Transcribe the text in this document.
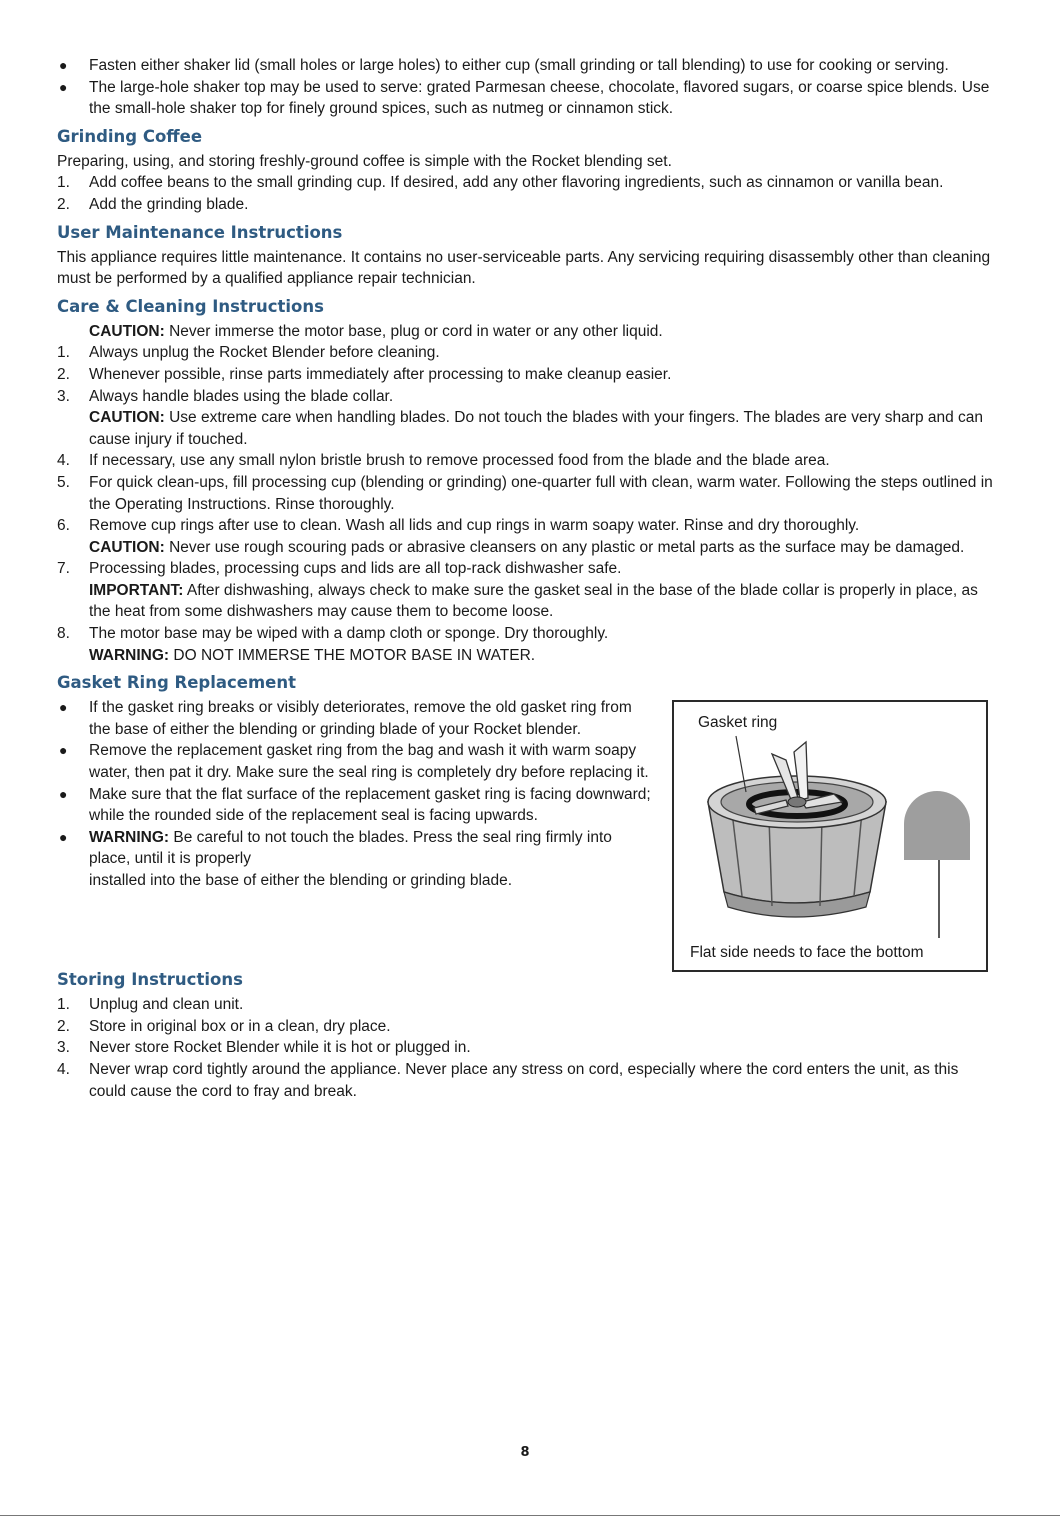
● Fasten either shaker lid (small holes or large holes) to either cup (small grinding or tall blending) to use for cooking or serving.
● The large-hole shaker top may be used to serve: grated Parmesan cheese, chocolate, flavored sugars, or coarse spice blends. Use the small-hole shaker top for finely ground spices, such as nutmeg or cinnamon stick.
Grinding Coffee

Preparing, using, and storing freshly-ground coffee is simple with the Rocket blending set.

1. Add coffee beans to the small grinding cup. If desired, add any other flavoring ingredients, such as cinnamon or vanilla bean.
2. Add the grinding blade.
User Maintenance Instructions

This appliance requires little maintenance. It contains no user-serviceable parts. Any servicing requiring disassembly other than cleaning must be performed by a qualified appliance repair technician.

Care & Cleaning Instructions
CAUTION: Never immerse the motor base, plug or cord in water or any other liquid.
1. Always unplug the Rocket Blender before cleaning.
2. Whenever possible, rinse parts immediately after processing to make cleanup easier.
3. Always handle blades using the blade collar.
CAUTION: Use extreme care when handling blades. Do not touch the blades with your fingers. The blades are very sharp and can cause injury if touched.
4. If necessary, use any small nylon bristle brush to remove processed food from the blade and the blade area.
5. For quick clean-ups, fill processing cup (blending or grinding) one-quarter full with clean, warm water. Following the steps outlined in the Operating Instructions. Rinse thoroughly.
6. Remove cup rings after use to clean. Wash all lids and cup rings in warm soapy water. Rinse and dry thoroughly.
CAUTION: Never use rough scouring pads or abrasive cleansers on any plastic or metal parts as the surface may be damaged.
7. Processing blades, processing cups and lids are all top-rack dishwasher safe.
IMPORTANT: After dishwashing, always check to make sure the gasket seal in the base of the blade collar is properly in place, as the heat from some dishwashers may cause them to become loose.
8. The motor base may be wiped with a damp cloth or sponge. Dry thoroughly.
WARNING: DO NOT IMMERSE THE MOTOR BASE IN WATER.
Gasket Ring Replacement
● If the gasket ring breaks or visibly deteriorates, remove the old gasket ring from the base of either the blending or grinding blade of your Rocket blender.
● Remove the replacement gasket ring from the bag and wash it with warm soapy water, then pat it dry. Make sure the seal ring is completely dry before replacing it.
● Make sure that the flat surface of the replacement gasket ring is facing downward; while the rounded side of the replacement seal is facing upwards.
● WARNING: Be careful to not touch the blades. Press the seal ring firmly into place, until it is properly
installed into the base of either the blending or grinding blade.
Gasket ring
Flat side needs to face the bottom
Storing Instructions
1. Unplug and clean unit.
2. Store in original box or in a clean, dry place.
3. Never store Rocket Blender while it is hot or plugged in.
4. Never wrap cord tightly around the appliance. Never place any stress on cord, especially where the cord enters the unit, as this could cause the cord to fray and break.
8
